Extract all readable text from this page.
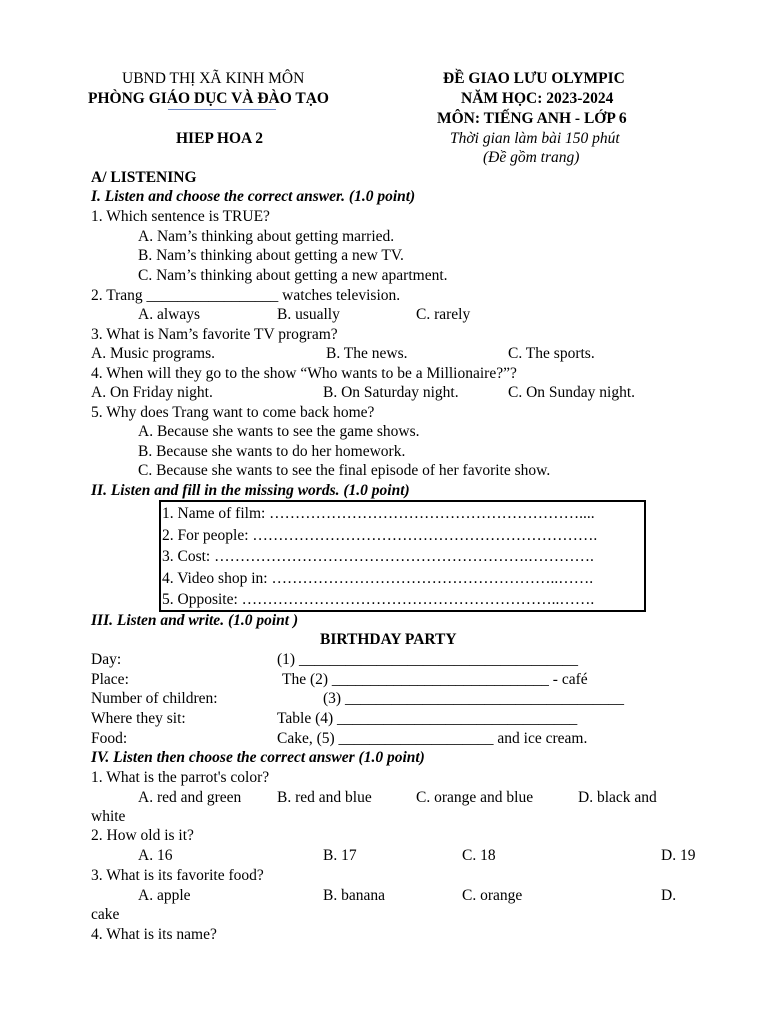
UBND THỊ XÃ KINH MÔN
PHÒNG GIÁO DỤC VÀ ĐÀO TẠO
HIEP HOA 2
ĐỀ GIAO LƯU OLYMPIC
NĂM HỌC: 2023-2024
MÔN: TIẾNG ANH - LỚP 6
Thời gian làm bài 150 phút
(Đề gồm trang)
A/ LISTENING
I. Listen and choose the correct answer. (1.0 point)
1. Which sentence is TRUE?
A. Nam’s thinking about getting married.
B. Nam’s thinking about getting a new TV.
C. Nam’s thinking about getting a new apartment.
2. Trang _________________ watches television.
A. always	B. usually	C. rarely
3. What is Nam’s favorite TV program?
A. Music programs.	B. The news.	C. The sports.
4. When will they go to the show “Who wants to be a Millionaire?”?
A. On Friday night.	B. On Saturday night.	C. On Sunday night.
5. Why does Trang want to come back home?
A. Because she wants to see the game shows.
B. Because she wants to do her homework.
C. Because she wants to see the final episode of her favorite show.
II. Listen and fill in the missing words. (1.0 point)
1. Name of film: ……………………………………………………....
2. For people: ………………………………………………………….
3. Cost: …………………………………………………….………….
4. Video shop in: ………………………………………………..…….
5. Opposite: ……………………………………………………..…….
III. Listen and write. (1.0 point )
BIRTHDAY PARTY
Day:	(1) ____________________________________
Place:	The (2) ____________________________ - café
Number of children:	(3) ____________________________________
Where they sit:	Table (4) _______________________________
Food:	Cake, (5) ____________________ and ice cream.
IV. Listen then choose the correct answer (1.0 point)
1. What is the parrot's color?
A. red and green B. red and blue	C. orange and blue	D. black and
white
2. How old is it?
A. 16	B. 17	C. 18	D. 19
3. What is its favorite food?
A. apple	B. banana	C. orange	D.
cake
4. What is its name?
